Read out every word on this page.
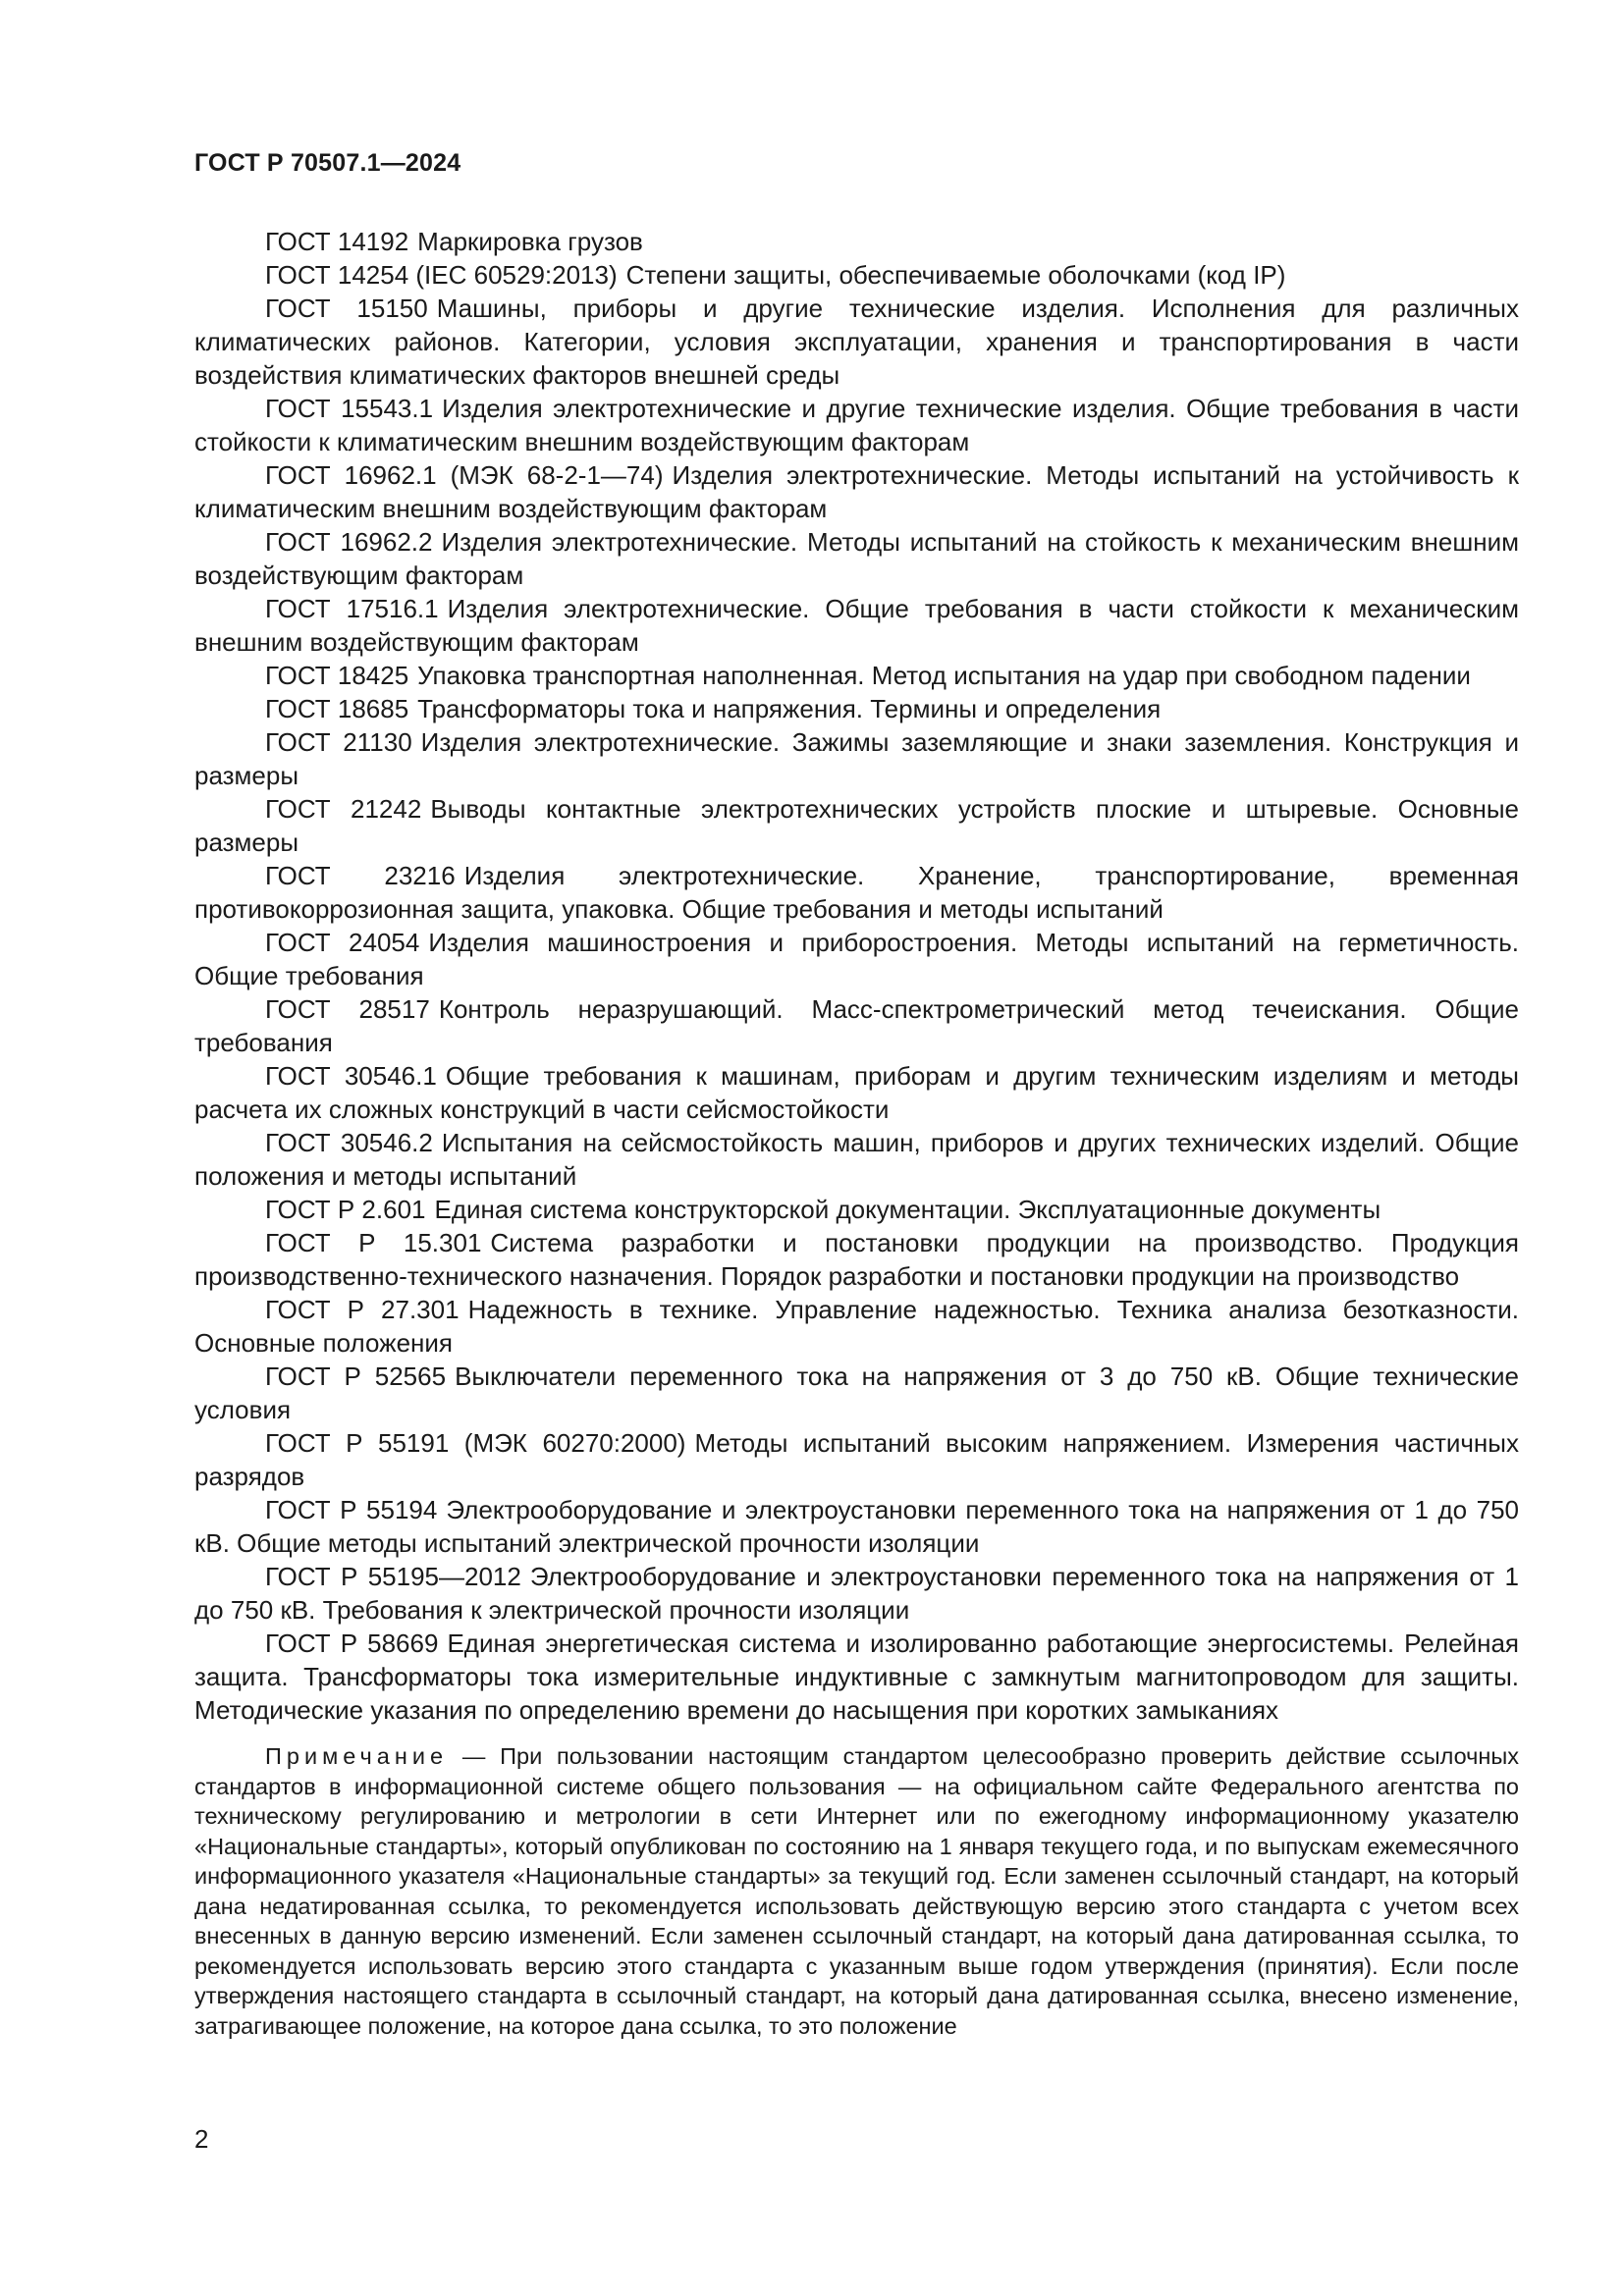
ГОСТ Р 70507.1—2024

ГОСТ 14192 Маркировка грузов

ГОСТ 14254 (IEC 60529:2013) Степени защиты, обеспечиваемые оболочками (код IP)

ГОСТ 15150 Машины, приборы и другие технические изделия. Исполнения для различных климатических районов. Категории, условия эксплуатации, хранения и транспортирования в части воздействия климатических факторов внешней среды

ГОСТ 15543.1 Изделия электротехнические и другие технические изделия. Общие требования в части стойкости к климатическим внешним воздействующим факторам

ГОСТ 16962.1 (МЭК 68-2-1—74) Изделия электротехнические. Методы испытаний на устойчивость к климатическим внешним воздействующим факторам

ГОСТ 16962.2 Изделия электротехнические. Методы испытаний на стойкость к механическим внешним воздействующим факторам

ГОСТ 17516.1 Изделия электротехнические. Общие требования в части стойкости к механическим внешним воздействующим факторам

ГОСТ 18425 Упаковка транспортная наполненная. Метод испытания на удар при свободном падении

ГОСТ 18685 Трансформаторы тока и напряжения. Термины и определения

ГОСТ 21130 Изделия электротехнические. Зажимы заземляющие и знаки заземления. Конструкция и размеры

ГОСТ 21242 Выводы контактные электротехнических устройств плоские и штыревые. Основные размеры

ГОСТ 23216 Изделия электротехнические. Хранение, транспортирование, временная противокоррозионная защита, упаковка. Общие требования и методы испытаний

ГОСТ 24054 Изделия машиностроения и приборостроения. Методы испытаний на герметичность. Общие требования

ГОСТ 28517 Контроль неразрушающий. Масс-спектрометрический метод течеискания. Общие требования

ГОСТ 30546.1 Общие требования к машинам, приборам и другим техническим изделиям и методы расчета их сложных конструкций в части сейсмостойкости

ГОСТ 30546.2 Испытания на сейсмостойкость машин, приборов и других технических изделий. Общие положения и методы испытаний

ГОСТ Р 2.601 Единая система конструкторской документации. Эксплуатационные документы

ГОСТ Р 15.301 Система разработки и постановки продукции на производство. Продукция производственно-технического назначения. Порядок разработки и постановки продукции на производство

ГОСТ Р 27.301 Надежность в технике. Управление надежностью. Техника анализа безотказности. Основные положения

ГОСТ Р 52565 Выключатели переменного тока на напряжения от 3 до 750 кВ. Общие технические условия

ГОСТ Р 55191 (МЭК 60270:2000) Методы испытаний высоким напряжением. Измерения частичных разрядов

ГОСТ Р 55194 Электрооборудование и электроустановки переменного тока на напряжения от 1 до 750 кВ. Общие методы испытаний электрической прочности изоляции

ГОСТ Р 55195—2012 Электрооборудование и электроустановки переменного тока на напряжения от 1 до 750 кВ. Требования к электрической прочности изоляции

ГОСТ Р 58669 Единая энергетическая система и изолированно работающие энергосистемы. Релейная защита. Трансформаторы тока измерительные индуктивные с замкнутым магнитопроводом для защиты. Методические указания по определению времени до насыщения при коротких замыканиях

Примечание — При пользовании настоящим стандартом целесообразно проверить действие ссылочных стандартов в информационной системе общего пользования — на официальном сайте Федерального агентства по техническому регулированию и метрологии в сети Интернет или по ежегодному информационному указателю «Национальные стандарты», который опубликован по состоянию на 1 января текущего года, и по выпускам ежемесячного информационного указателя «Национальные стандарты» за текущий год. Если заменен ссылочный стандарт, на который дана недатированная ссылка, то рекомендуется использовать действующую версию этого стандарта с учетом всех внесенных в данную версию изменений. Если заменен ссылочный стандарт, на который дана датированная ссылка, то рекомендуется использовать версию этого стандарта с указанным выше годом утверждения (принятия). Если после утверждения настоящего стандарта в ссылочный стандарт, на который дана датированная ссылка, внесено изменение, затрагивающее положение, на которое дана ссылка, то это положение

2
